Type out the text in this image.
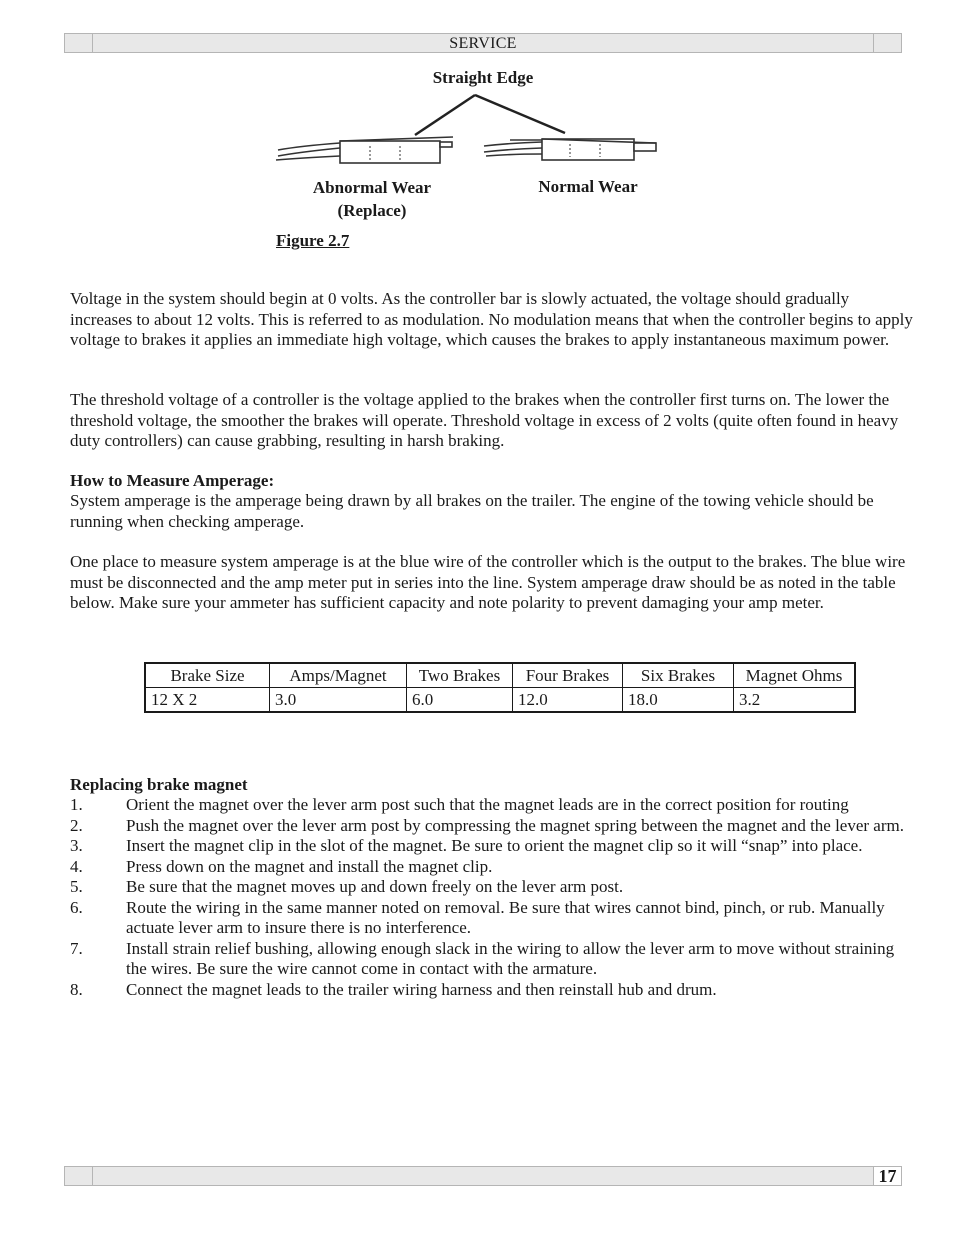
SERVICE
Straight Edge
Abnormal Wear
(Replace)
Normal Wear
Figure 2.7

Voltage in the system should begin at 0 volts. As the controller bar is slowly actuated, the voltage should gradually increases to about 12 volts. This is referred to as modulation. No modulation means that when the controller begins to apply voltage to brakes it applies an immediate high voltage, which causes the brakes to apply instantaneous maximum power.

The threshold voltage of a controller is the voltage applied to the brakes when the controller first turns on. The lower the threshold voltage, the smoother the brakes will operate. Threshold voltage in excess of 2 volts (quite often found in heavy duty controllers) can cause grabbing, resulting in harsh braking.

How to Measure Amperage:

System amperage is the amperage being drawn by all brakes on the trailer. The engine of the towing vehicle should be running when checking amperage.

One place to measure system amperage is at the blue wire of the controller which is the output to the brakes. The blue wire must be disconnected and the amp meter put in series into the line. System amperage draw should be as noted in the table below. Make sure your ammeter has sufficient capacity and note polarity to prevent damaging your amp meter.

Brake Size	Amps/Magnet	Two Brakes	Four Brakes	Six Brakes	Magnet Ohms
12 X 2	3.0	6.0	12.0	18.0	3.2
Replacing brake magnet
1.	Orient the magnet over the lever arm post such that the magnet leads are in the correct position for routing
2.	Push the magnet over the lever arm post by compressing the magnet spring between the magnet and the lever arm.
3.	Insert the magnet clip in the slot of the magnet. Be sure to orient the magnet clip so it will “snap” into place.
4.	Press down on the magnet and install the magnet clip.
5.	Be sure that the magnet moves up and down freely on the lever arm post.
6.	Route the wiring in the same manner noted on removal. Be sure that wires cannot bind, pinch, or rub. Manually actuate lever arm to insure there is no interference.
7.	Install strain relief bushing, allowing enough slack in the wiring to allow the lever arm to move without straining the wires. Be sure the wire cannot come in contact with the armature.
8.	Connect the magnet leads to the trailer wiring harness and then reinstall hub and drum.
17
